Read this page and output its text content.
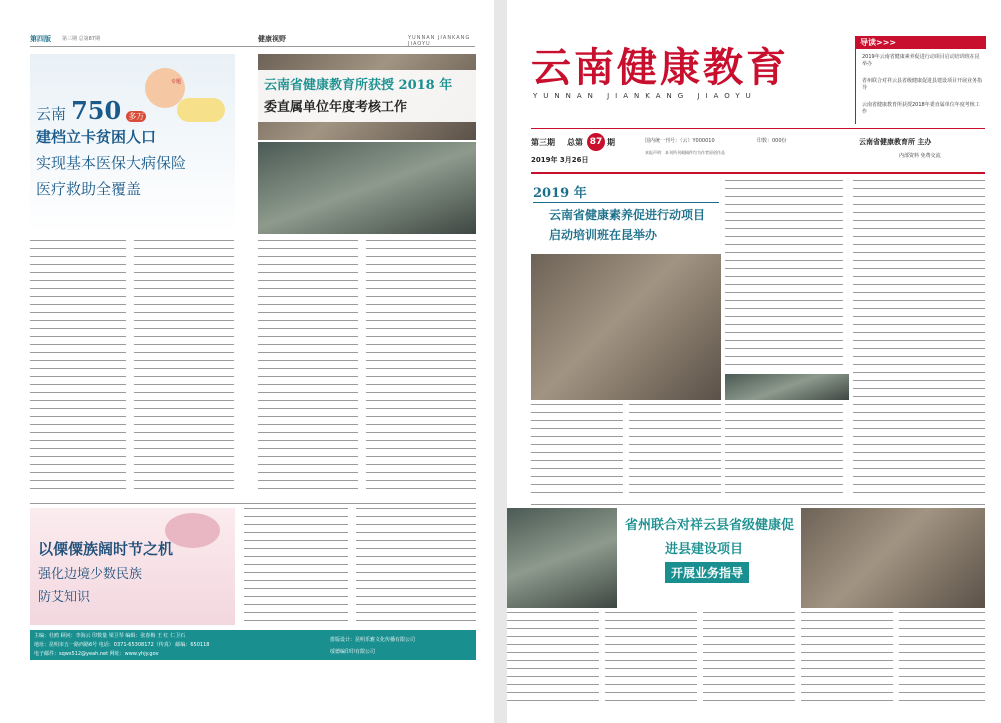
第四版 第三期 总第87期	健康视野	YUNNAN JIANKANG JIAOYU
专题
云南 750 多万
建档立卡贫困人口
实现基本医保大病保险
医疗救助全覆盖
云南省健康教育所获授 2018 年
委直属单位年度考核工作
以傈僳族阔时节之机
强化边境少数民族
防艾知识
主编：杜鸥 顾问：李海云 印数量 梁卫琴 编辑：张春梅 王 红 仁卫石
地址：昆明市五一路西路6号 电话：0371-65308172（传真） 邮编：650118
电子邮件：sqws512@yeah.net 网址：www.yhjy.gov
排版设计：昆明乐雅文化传播有限公司
绥德编印印有限公司
云南健康教育
YUNNAN JIANKANG JIAOYU
导读>>>
2019年云南省健康素养促进行动项目启动培训班在昆举办
省州联合对祥云县省级健康促进县建设项目开展业务指导
云南省健康教育所获授2018年委直属单位年度考核工作
第三期 总第 87 期
2019年 3月26日
国内统一刊号：（云）Y000010	印数：000份
本报声明：本刊所刊载稿件均为作者原创作品
云南省健康教育所 主办
内部资料 免费交流
2019 年
云南省健康素养促进行动项目
启动培训班在昆举办
省州联合对祥云县省级健康促
进县建设项目
开展业务指导
